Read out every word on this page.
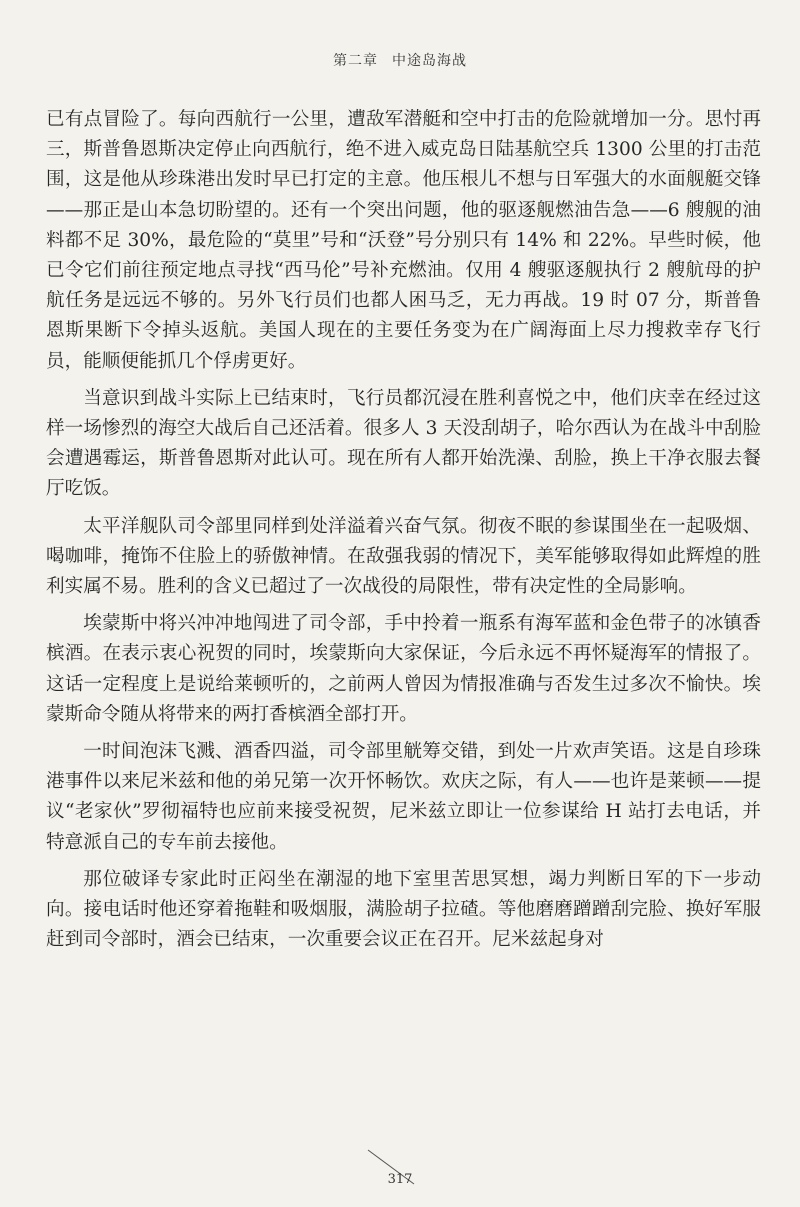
第二章 中途岛海战

已有点冒险了。每向西航行一公里，遭敌军潜艇和空中打击的危险就增加一分。思忖再三，斯普鲁恩斯决定停止向西航行，绝不进入威克岛日陆基航空兵 1300 公里的打击范围，这是他从珍珠港出发时早已打定的主意。他压根儿不想与日军强大的水面舰艇交锋——那正是山本急切盼望的。还有一个突出问题，他的驱逐舰燃油告急——6 艘舰的油料都不足 30%，最危险的“莫里”号和“沃登”号分别只有 14% 和 22%。早些时候，他已令它们前往预定地点寻找“西马伦”号补充燃油。仅用 4 艘驱逐舰执行 2 艘航母的护航任务是远远不够的。另外飞行员们也都人困马乏，无力再战。19 时 07 分，斯普鲁恩斯果断下令掉头返航。美国人现在的主要任务变为在广阔海面上尽力搜救幸存飞行员，能顺便能抓几个俘虏更好。

当意识到战斗实际上已结束时，飞行员都沉浸在胜利喜悦之中，他们庆幸在经过这样一场惨烈的海空大战后自己还活着。很多人 3 天没刮胡子，哈尔西认为在战斗中刮脸会遭遇霉运，斯普鲁恩斯对此认可。现在所有人都开始洗澡、刮脸，换上干净衣服去餐厅吃饭。

太平洋舰队司令部里同样到处洋溢着兴奋气氛。彻夜不眠的参谋围坐在一起吸烟、喝咖啡，掩饰不住脸上的骄傲神情。在敌强我弱的情况下，美军能够取得如此辉煌的胜利实属不易。胜利的含义已超过了一次战役的局限性，带有决定性的全局影响。

埃蒙斯中将兴冲冲地闯进了司令部，手中拎着一瓶系有海军蓝和金色带子的冰镇香槟酒。在表示衷心祝贺的同时，埃蒙斯向大家保证，今后永远不再怀疑海军的情报了。这话一定程度上是说给莱顿听的，之前两人曾因为情报准确与否发生过多次不愉快。埃蒙斯命令随从将带来的两打香槟酒全部打开。

一时间泡沫飞溅、酒香四溢，司令部里觥筹交错，到处一片欢声笑语。这是自珍珠港事件以来尼米兹和他的弟兄第一次开怀畅饮。欢庆之际，有人——也许是莱顿——提议“老家伙”罗彻福特也应前来接受祝贺，尼米兹立即让一位参谋给 H 站打去电话，并特意派自己的专车前去接他。

那位破译专家此时正闷坐在潮湿的地下室里苦思冥想，竭力判断日军的下一步动向。接电话时他还穿着拖鞋和吸烟服，满脸胡子拉碴。等他磨磨蹭蹭刮完脸、换好军服赶到司令部时，酒会已结束，一次重要会议正在召开。尼米兹起身对

317
